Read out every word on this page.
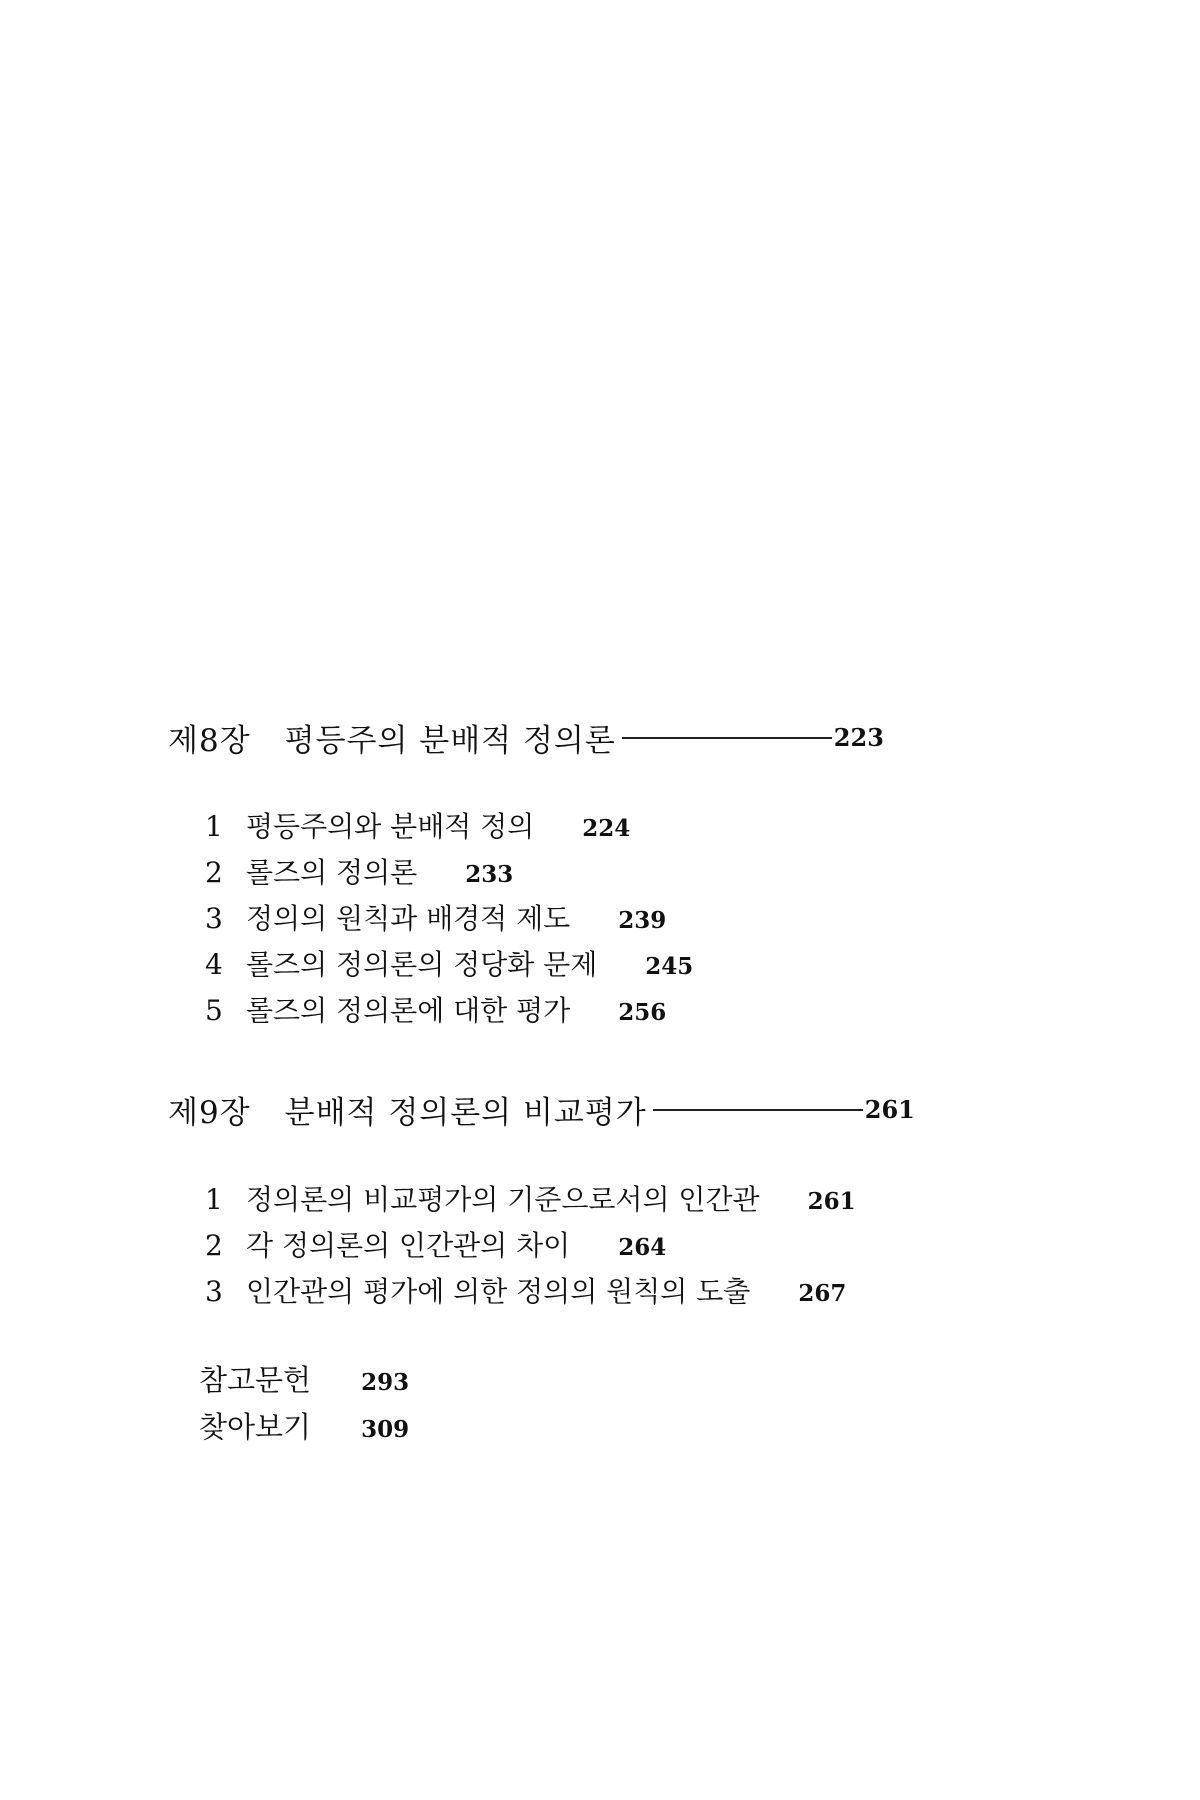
제8장 평등주의 분배적 정의론	223
1 평등주의와 분배적 정의 224
2 롤즈의 정의론 233
3 정의의 원칙과 배경적 제도 239
4 롤즈의 정의론의 정당화 문제 245
5 롤즈의 정의론에 대한 평가 256
제9장 분배적 정의론의 비교평가	261
1 정의론의 비교평가의 기준으로서의 인간관 261
2 각 정의론의 인간관의 차이 264
3 인간관의 평가에 의한 정의의 원칙의 도출 267
참고문헌 293
찾아보기 309
